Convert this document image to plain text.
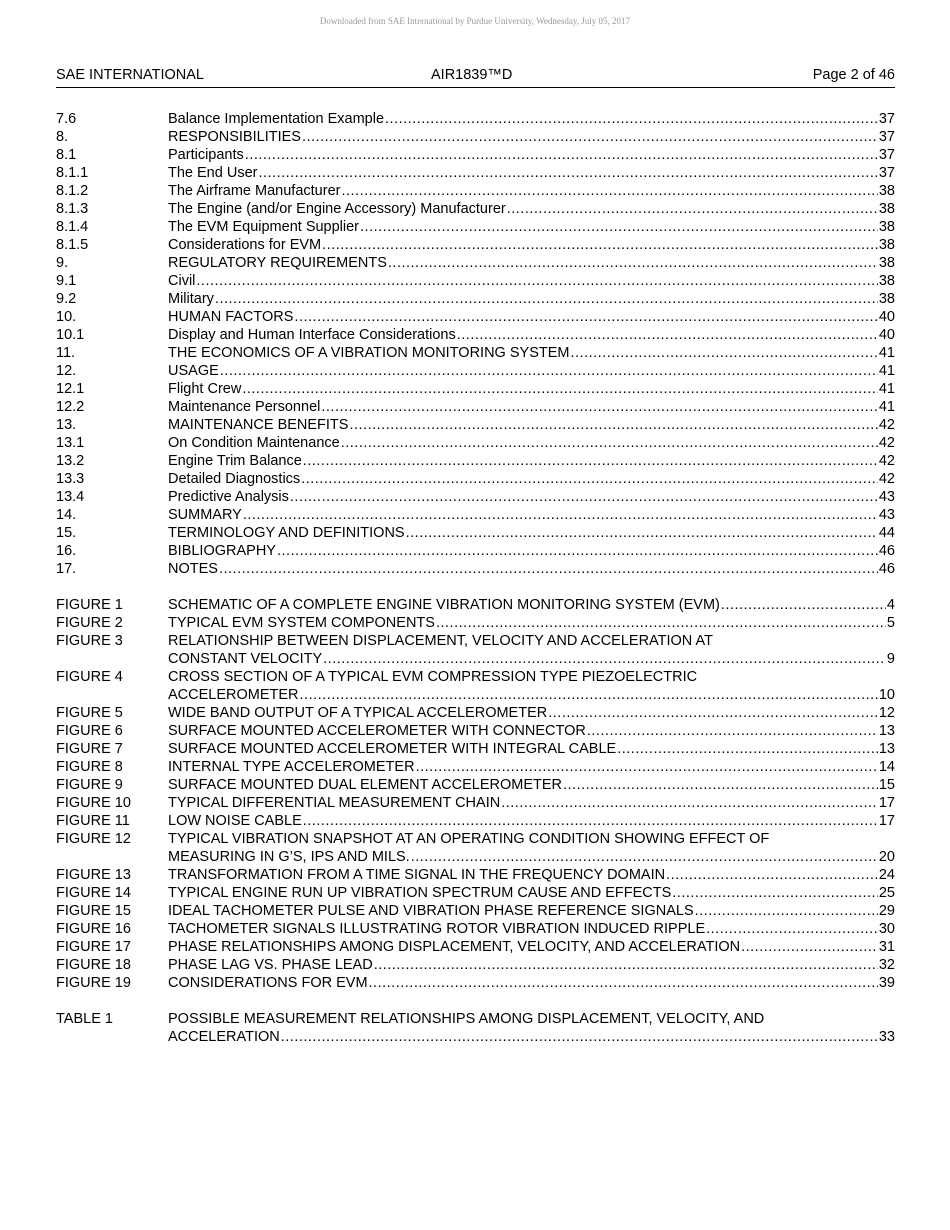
Downloaded from SAE International by Purdue University, Wednesday, July 05, 2017
SAE INTERNATIONAL	AIR1839™D	Page 2 of 46
7.6	Balance Implementation Example .....	37
8.	RESPONSIBILITIES .....	37
8.1	Participants .....	37
8.1.1	The End User .....	37
8.1.2	The Airframe Manufacturer .....	38
8.1.3	The Engine (and/or Engine Accessory) Manufacturer .....	38
8.1.4	The EVM Equipment Supplier .....	38
8.1.5	Considerations for EVM .....	38
9.	REGULATORY REQUIREMENTS .....	38
9.1	Civil .....	38
9.2	Military .....	38
10.	HUMAN FACTORS .....	40
10.1	Display and Human Interface Considerations .....	40
11.	THE ECONOMICS OF A VIBRATION MONITORING SYSTEM .....	41
12.	USAGE .....	41
12.1	Flight Crew .....	41
12.2	Maintenance Personnel .....	41
13.	MAINTENANCE BENEFITS .....	42
13.1	On Condition Maintenance .....	42
13.2	Engine Trim Balance .....	42
13.3	Detailed Diagnostics .....	42
13.4	Predictive Analysis .....	43
14.	SUMMARY .....	43
15.	TERMINOLOGY AND DEFINITIONS .....	44
16.	BIBLIOGRAPHY .....	46
17.	NOTES .....	46
FIGURE 1	SCHEMATIC OF A COMPLETE ENGINE VIBRATION MONITORING SYSTEM (EVM) .....	4
FIGURE 2	TYPICAL EVM SYSTEM COMPONENTS .....	5
FIGURE 3	RELATIONSHIP BETWEEN DISPLACEMENT, VELOCITY AND ACCELERATION AT
CONSTANT VELOCITY .....	9
FIGURE 4	CROSS SECTION OF A TYPICAL EVM COMPRESSION TYPE PIEZOELECTRIC
ACCELEROMETER .....	10
FIGURE 5	WIDE BAND OUTPUT OF A TYPICAL ACCELEROMETER .....	12
FIGURE 6	SURFACE MOUNTED ACCELEROMETER WITH CONNECTOR .....	13
FIGURE 7	SURFACE MOUNTED ACCELEROMETER WITH INTEGRAL CABLE .....	13
FIGURE 8	INTERNAL TYPE ACCELEROMETER .....	14
FIGURE 9	SURFACE MOUNTED DUAL ELEMENT ACCELEROMETER .....	15
FIGURE 10	TYPICAL DIFFERENTIAL MEASUREMENT CHAIN .....	17
FIGURE 11	LOW NOISE CABLE .....	17
FIGURE 12	TYPICAL VIBRATION SNAPSHOT AT AN OPERATING CONDITION SHOWING EFFECT OF
MEASURING IN G’S, IPS AND MILS. .....	20
FIGURE 13	TRANSFORMATION FROM A TIME SIGNAL IN THE FREQUENCY DOMAIN .....	24
FIGURE 14	TYPICAL ENGINE RUN UP VIBRATION SPECTRUM CAUSE AND EFFECTS .....	25
FIGURE 15	IDEAL TACHOMETER PULSE AND VIBRATION PHASE REFERENCE SIGNALS .....	29
FIGURE 16	TACHOMETER SIGNALS ILLUSTRATING ROTOR VIBRATION INDUCED RIPPLE .....	30
FIGURE 17	PHASE RELATIONSHIPS AMONG DISPLACEMENT, VELOCITY, AND ACCELERATION .....	31
FIGURE 18	PHASE LAG VS. PHASE LEAD .....	32
FIGURE 19	CONSIDERATIONS FOR EVM .....	39
TABLE 1	POSSIBLE MEASUREMENT RELATIONSHIPS AMONG DISPLACEMENT, VELOCITY, AND
ACCELERATION .....	33
